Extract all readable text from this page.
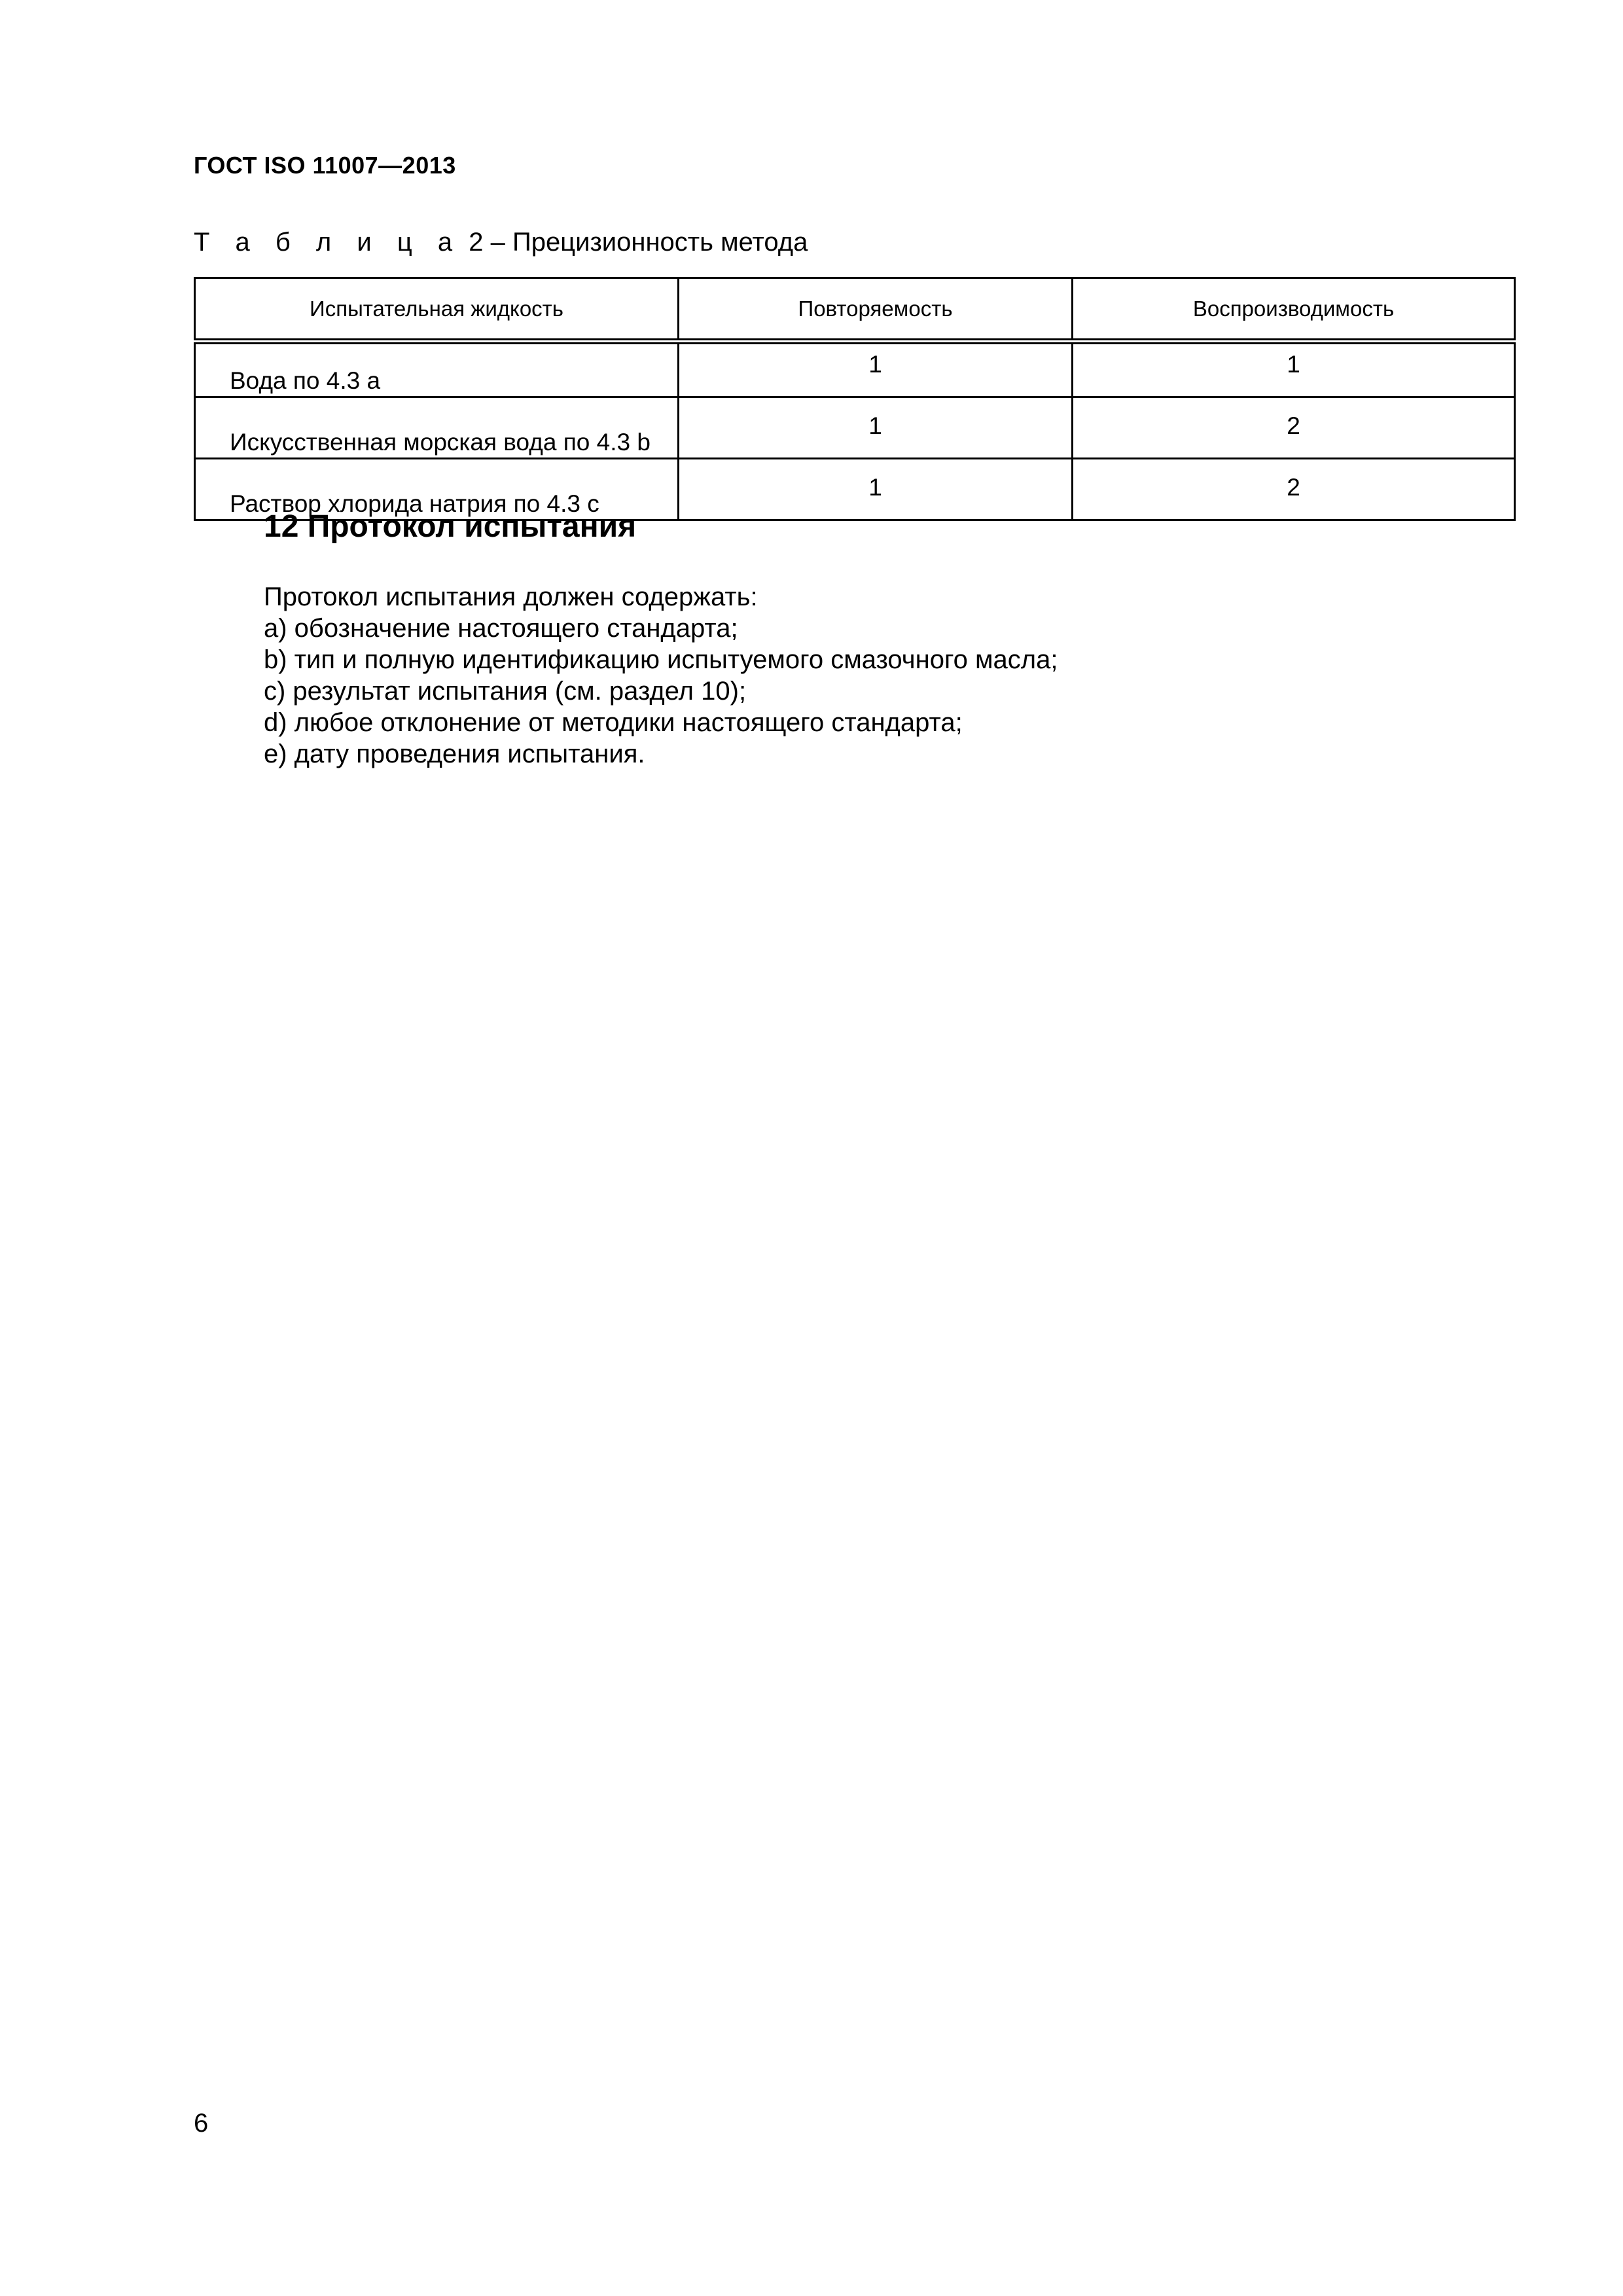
ГОСТ ISO 11007—2013
Т а б л и ц а 2 – Прецизионность метода
Испытательная жидкость	Повторяемость	Воспроизводимость
Вода по 4.3 а	1	1
Искусственная морская вода по 4.3 b	1	2
Раствор хлорида натрия по 4.3 с	1	2
12 Протокол испытания

Протокол испытания должен содержать:

a) обозначение настоящего стандарта;

b) тип и полную идентификацию испытуемого смазочного масла;

c) результат испытания (см. раздел 10);

d) любое отклонение от методики настоящего стандарта;

e) дату проведения испытания.

6
